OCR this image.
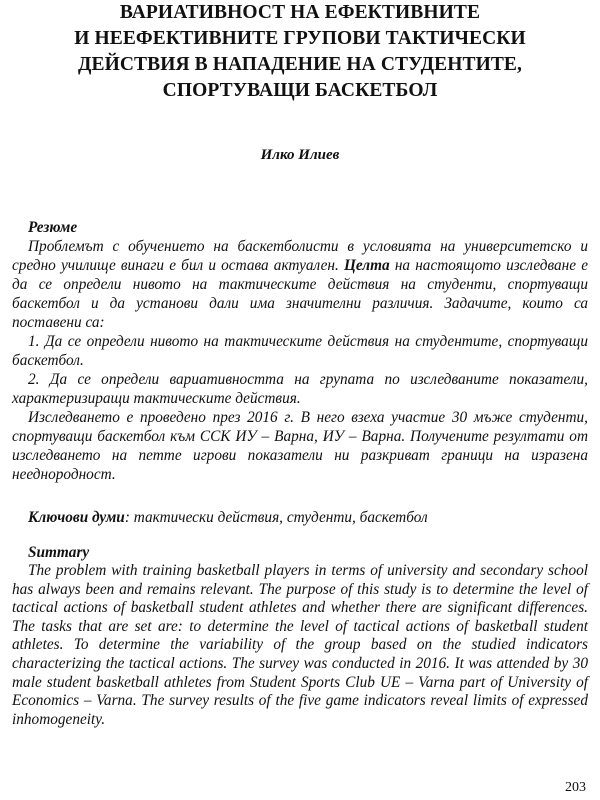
ВАРИАТИВНОСТ НА ЕФЕКТИВНИТЕ
И НЕЕФЕКТИВНИТЕ ГРУПОВИ ТАКТИЧЕСКИ
ДЕЙСТВИЯ В НАПАДЕНИЕ НА СТУДЕНТИТЕ,
СПОРТУВАЩИ БАСКЕТБОЛ

Илко Илиев

Резюме

Проблемът с обучението на баскетболисти в условията на университетско и средно училище винаги е бил и остава актуален. Целта на настоящото изследване е да се определи нивото на тактическите действия на студенти, спортуващи баскетбол и да установи дали има значителни различия. Задачите, които са поставени са:

1. Да се определи нивото на тактическите действия на студентите, спортуващи баскетбол.

2. Да се определи вариативността на групата по изследваните показатели, характеризиращи тактическите действия.

Изследването е проведено през 2016 г. В него взеха участие 30 мъже студенти, спортуващи баскетбол към ССК ИУ – Варна, ИУ – Варна. Получените резултати от изследването на петте игрови показатели ни разкриват граници на изразена нееднородност.

Ключови думи: тактически действия, студенти, баскетбол

Summary

The problem with training basketball players in terms of university and secondary school has always been and remains relevant. The purpose of this study is to determine the level of tactical actions of basketball student athletes and whether there are significant differences. The tasks that are set are: to determine the level of tactical actions of basketball student athletes. To determine the variability of the group based on the studied indicators characterizing the tactical actions. The survey was conducted in 2016. It was attended by 30 male student basketball athletes from Student Sports Club UE – Varna part of University of Economics – Varna. The survey results of the five game indicators reveal limits of expressed inhomogeneity.

203
